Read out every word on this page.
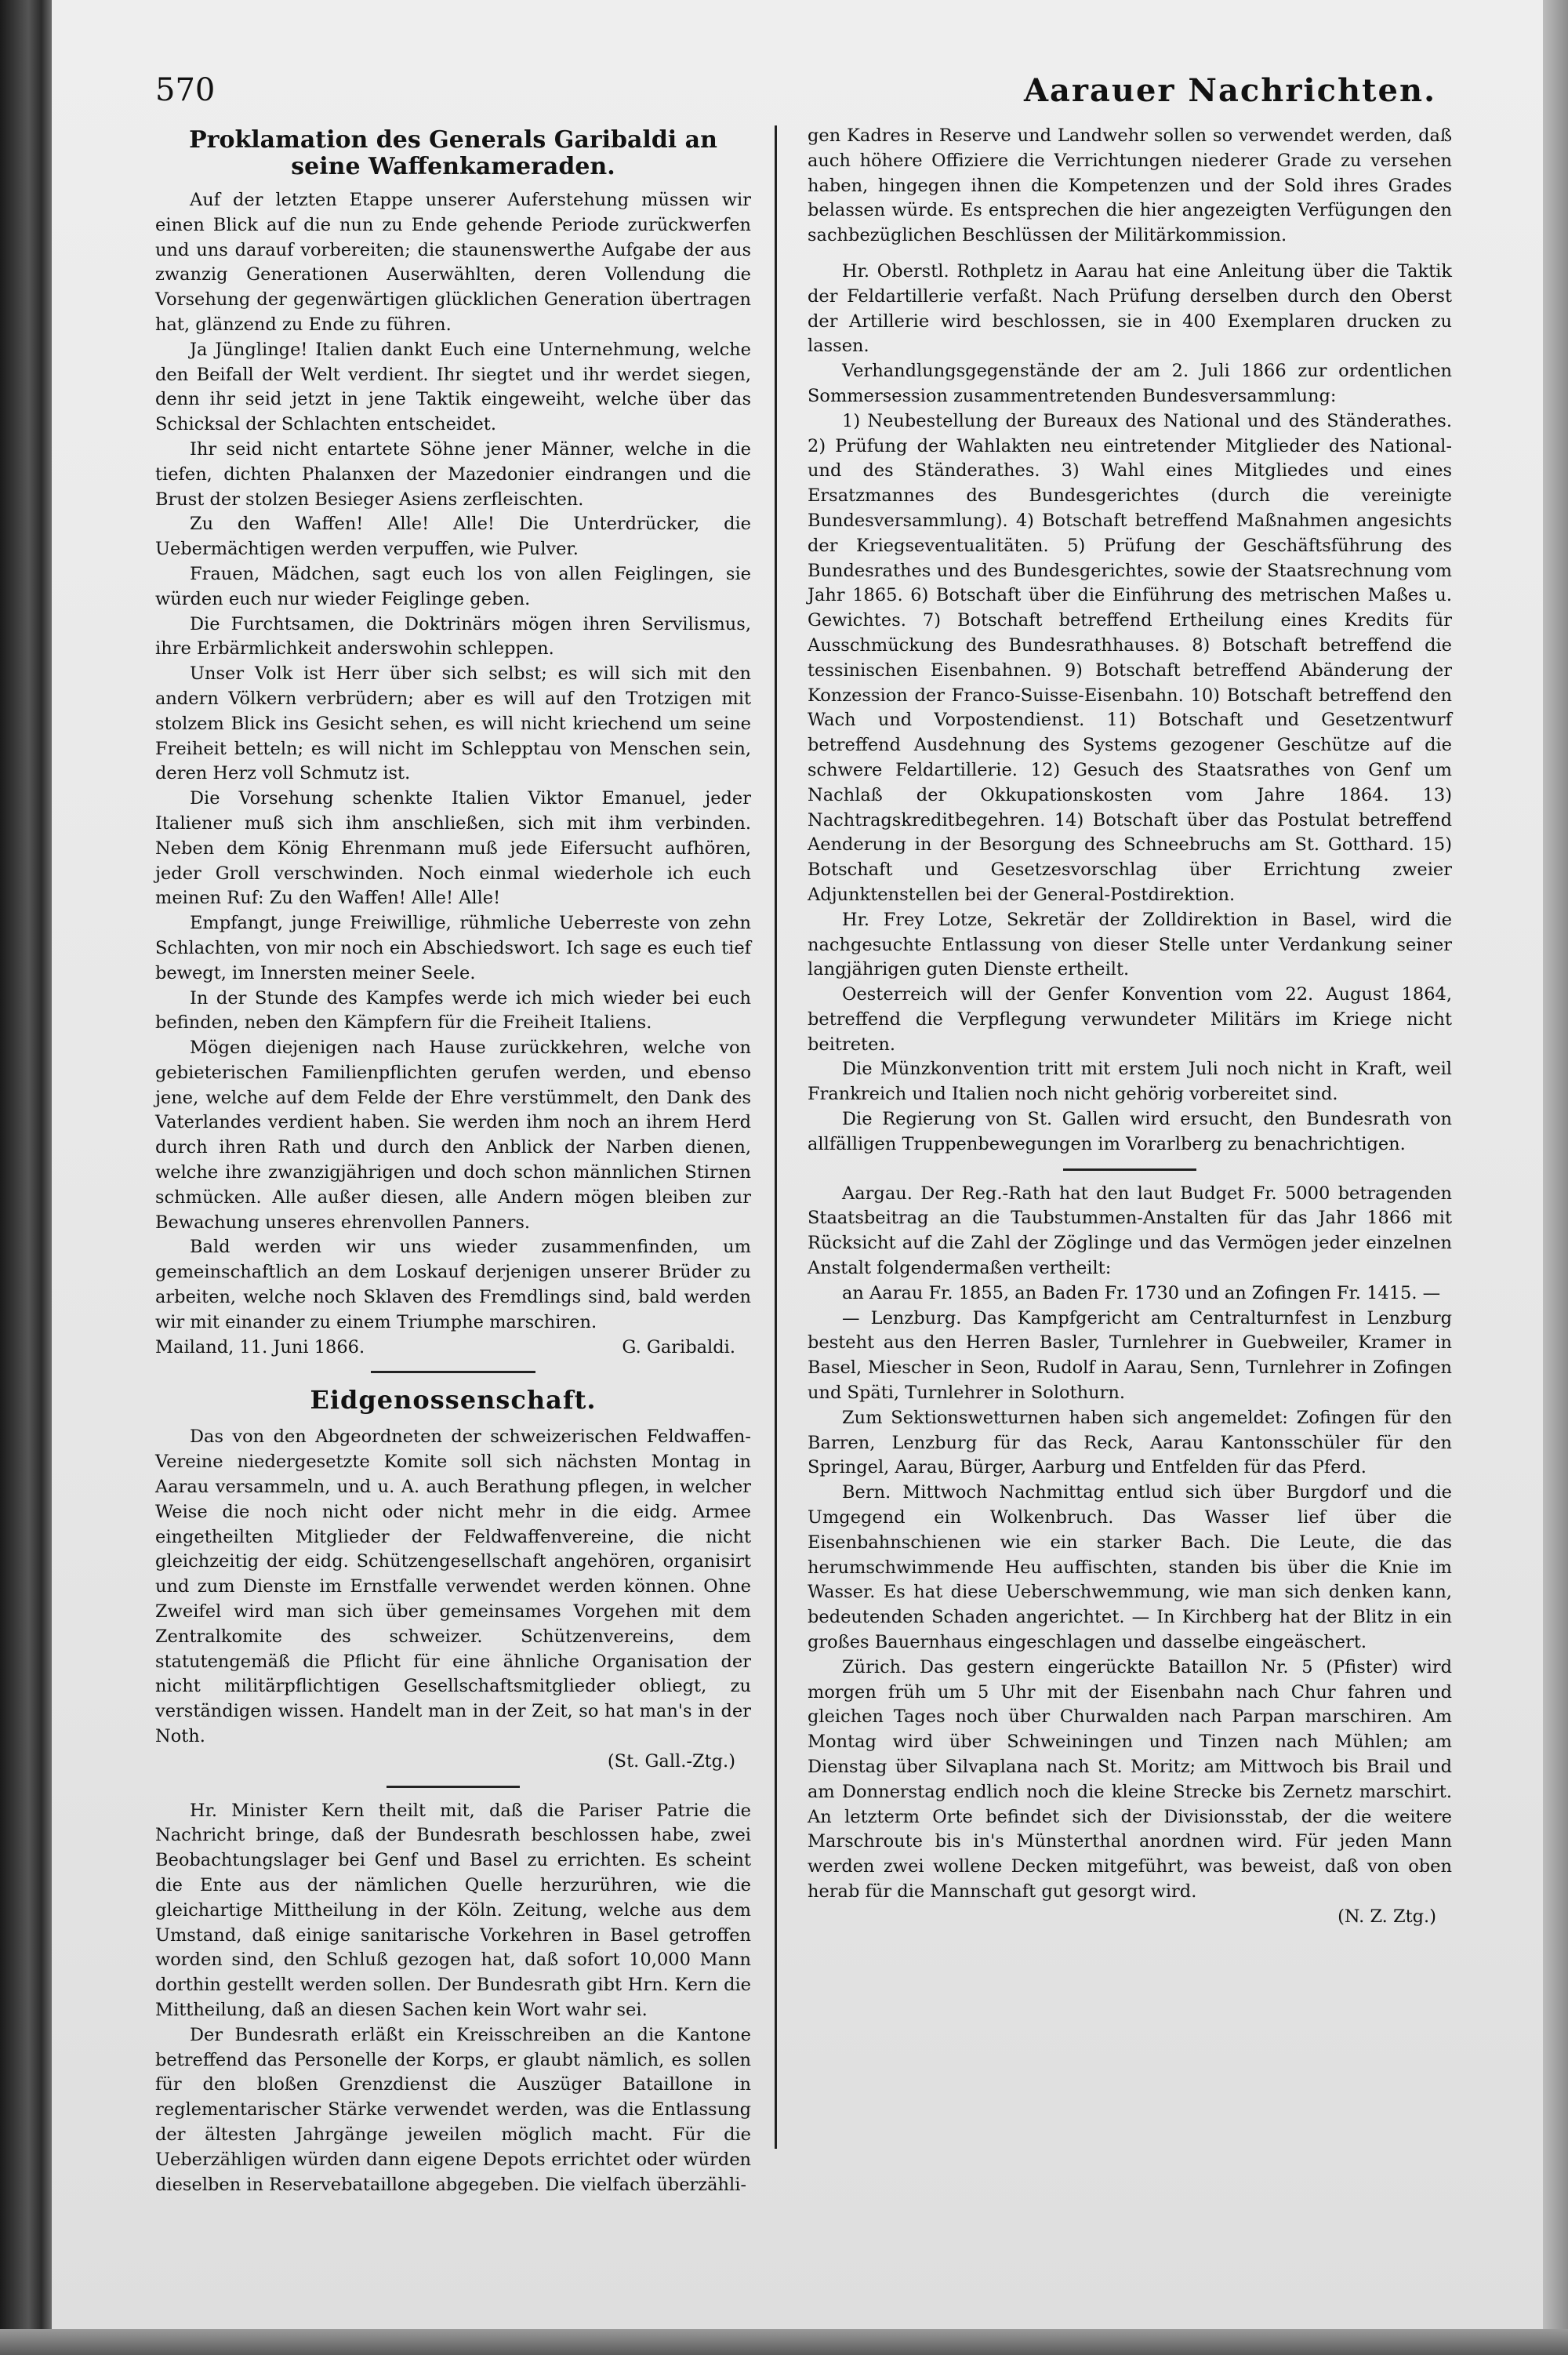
570	Aarauer Nachrichten.
Proklamation des Generals Garibaldi an seine Waffenkameraden.

Auf der letzten Etappe unserer Auferstehung müssen wir einen Blick auf die nun zu Ende gehende Periode zurückwerfen und uns darauf vorbereiten; die staunenswerthe Aufgabe der aus zwanzig Generationen Auserwählten, deren Vollendung die Vorsehung der gegenwärtigen glücklichen Generation übertragen hat, glänzend zu Ende zu führen.

Ja Jünglinge! Italien dankt Euch eine Unternehmung, welche den Beifall der Welt verdient. Ihr siegtet und ihr werdet siegen, denn ihr seid jetzt in jene Taktik eingeweiht, welche über das Schicksal der Schlachten entscheidet.

Ihr seid nicht entartete Söhne jener Männer, welche in die tiefen, dichten Phalanxen der Mazedonier eindrangen und die Brust der stolzen Besieger Asiens zerfleischten.

Zu den Waffen! Alle! Alle! Die Unterdrücker, die Uebermächtigen werden verpuffen, wie Pulver.

Frauen, Mädchen, sagt euch los von allen Feiglingen, sie würden euch nur wieder Feiglinge geben.

Die Furchtsamen, die Doktrinärs mögen ihren Servilismus, ihre Erbärmlichkeit anderswohin schleppen.

Unser Volk ist Herr über sich selbst; es will sich mit den andern Völkern verbrüdern; aber es will auf den Trotzigen mit stolzem Blick ins Gesicht sehen, es will nicht kriechend um seine Freiheit betteln; es will nicht im Schlepptau von Menschen sein, deren Herz voll Schmutz ist.

Die Vorsehung schenkte Italien Viktor Emanuel, jeder Italiener muß sich ihm anschließen, sich mit ihm verbinden. Neben dem König Ehrenmann muß jede Eifersucht aufhören, jeder Groll verschwinden. Noch einmal wiederhole ich euch meinen Ruf: Zu den Waffen! Alle! Alle!

Empfangt, junge Freiwillige, rühmliche Ueberreste von zehn Schlachten, von mir noch ein Abschiedswort. Ich sage es euch tief bewegt, im Innersten meiner Seele.

In der Stunde des Kampfes werde ich mich wieder bei euch befinden, neben den Kämpfern für die Freiheit Italiens.

Mögen diejenigen nach Hause zurückkehren, welche von gebieterischen Familienpflichten gerufen werden, und ebenso jene, welche auf dem Felde der Ehre verstümmelt, den Dank des Vaterlandes verdient haben. Sie werden ihm noch an ihrem Herd durch ihren Rath und durch den Anblick der Narben dienen, welche ihre zwanzigjährigen und doch schon männlichen Stirnen schmücken. Alle außer diesen, alle Andern mögen bleiben zur Bewachung unseres ehrenvollen Panners.

Bald werden wir uns wieder zusammenfinden, um gemeinschaftlich an dem Loskauf derjenigen unserer Brüder zu arbeiten, welche noch Sklaven des Fremdlings sind, bald werden wir mit einander zu einem Triumphe marschiren.

Mailand, 11. Juni 1866.	G. Garibaldi.
Eidgenossenschaft.

Das von den Abgeordneten der schweizerischen Feldwaffen-Vereine niedergesetzte Komite soll sich nächsten Montag in Aarau versammeln, und u. A. auch Berathung pflegen, in welcher Weise die noch nicht oder nicht mehr in die eidg. Armee eingetheilten Mitglieder der Feldwaffenvereine, die nicht gleichzeitig der eidg. Schützengesellschaft angehören, organisirt und zum Dienste im Ernstfalle verwendet werden können. Ohne Zweifel wird man sich über gemeinsames Vorgehen mit dem Zentralkomite des schweizer. Schützenvereins, dem statutengemäß die Pflicht für eine ähnliche Organisation der nicht militärpflichtigen Gesellschaftsmitglieder obliegt, zu verständigen wissen. Handelt man in der Zeit, so hat man's in der Noth.

(St. Gall.-Ztg.)

Hr. Minister Kern theilt mit, daß die Pariser Patrie die Nachricht bringe, daß der Bundesrath beschlossen habe, zwei Beobachtungslager bei Genf und Basel zu errichten. Es scheint die Ente aus der nämlichen Quelle herzurühren, wie die gleichartige Mittheilung in der Köln. Zeitung, welche aus dem Umstand, daß einige sanitarische Vorkehren in Basel getroffen worden sind, den Schluß gezogen hat, daß sofort 10,000 Mann dorthin gestellt werden sollen. Der Bundesrath gibt Hrn. Kern die Mittheilung, daß an diesen Sachen kein Wort wahr sei.

Der Bundesrath erläßt ein Kreisschreiben an die Kantone betreffend das Personelle der Korps, er glaubt nämlich, es sollen für den bloßen Grenzdienst die Auszüger Bataillone in reglementarischer Stärke verwendet werden, was die Entlassung der ältesten Jahrgänge jeweilen möglich macht. Für die Ueberzähligen würden dann eigene Depots errichtet oder würden dieselben in Reservebataillone abgegeben. Die vielfach überzähli-

gen Kadres in Reserve und Landwehr sollen so verwendet werden, daß auch höhere Offiziere die Verrichtungen niederer Grade zu versehen haben, hingegen ihnen die Kompetenzen und der Sold ihres Grades belassen würde. Es entsprechen die hier angezeigten Verfügungen den sachbezüglichen Beschlüssen der Militärkommission.

Hr. Oberstl. Rothpletz in Aarau hat eine Anleitung über die Taktik der Feldartillerie verfaßt. Nach Prüfung derselben durch den Oberst der Artillerie wird beschlossen, sie in 400 Exemplaren drucken zu lassen.

Verhandlungsgegenstände der am 2. Juli 1866 zur ordentlichen Sommersession zusammentretenden Bundesversammlung:

1) Neubestellung der Bureaux des National und des Ständerathes. 2) Prüfung der Wahlakten neu eintretender Mitglieder des National- und des Ständerathes. 3) Wahl eines Mitgliedes und eines Ersatzmannes des Bundesgerichtes (durch die vereinigte Bundesversammlung). 4) Botschaft betreffend Maßnahmen angesichts der Kriegseventualitäten. 5) Prüfung der Geschäftsführung des Bundesrathes und des Bundesgerichtes, sowie der Staatsrechnung vom Jahr 1865. 6) Botschaft über die Einführung des metrischen Maßes u. Gewichtes. 7) Botschaft betreffend Ertheilung eines Kredits für Ausschmückung des Bundesrathhauses. 8) Botschaft betreffend die tessinischen Eisenbahnen. 9) Botschaft betreffend Abänderung der Konzession der Franco-Suisse-Eisenbahn. 10) Botschaft betreffend den Wach und Vorpostendienst. 11) Botschaft und Gesetzentwurf betreffend Ausdehnung des Systems gezogener Geschütze auf die schwere Feldartillerie. 12) Gesuch des Staatsrathes von Genf um Nachlaß der Okkupationskosten vom Jahre 1864. 13) Nachtragskreditbegehren. 14) Botschaft über das Postulat betreffend Aenderung in der Besorgung des Schneebruchs am St. Gotthard. 15) Botschaft und Gesetzesvorschlag über Errichtung zweier Adjunktenstellen bei der General-Postdirektion.

Hr. Frey Lotze, Sekretär der Zolldirektion in Basel, wird die nachgesuchte Entlassung von dieser Stelle unter Verdankung seiner langjährigen guten Dienste ertheilt.

Oesterreich will der Genfer Konvention vom 22. August 1864, betreffend die Verpflegung verwundeter Militärs im Kriege nicht beitreten.

Die Münzkonvention tritt mit erstem Juli noch nicht in Kraft, weil Frankreich und Italien noch nicht gehörig vorbereitet sind.

Die Regierung von St. Gallen wird ersucht, den Bundesrath von allfälligen Truppenbewegungen im Vorarlberg zu benachrichtigen.

Aargau. Der Reg.-Rath hat den laut Budget Fr. 5000 betragenden Staatsbeitrag an die Taubstummen-Anstalten für das Jahr 1866 mit Rücksicht auf die Zahl der Zöglinge und das Vermögen jeder einzelnen Anstalt folgendermaßen vertheilt:

an Aarau Fr. 1855, an Baden Fr. 1730 und an Zofingen Fr. 1415. —

— Lenzburg. Das Kampfgericht am Centralturnfest in Lenzburg besteht aus den Herren Basler, Turnlehrer in Guebweiler, Kramer in Basel, Miescher in Seon, Rudolf in Aarau, Senn, Turnlehrer in Zofingen und Späti, Turnlehrer in Solothurn.

Zum Sektionswetturnen haben sich angemeldet: Zofingen für den Barren, Lenzburg für das Reck, Aarau Kantonsschüler für den Springel, Aarau, Bürger, Aarburg und Entfelden für das Pferd.

Bern. Mittwoch Nachmittag entlud sich über Burgdorf und die Umgegend ein Wolkenbruch. Das Wasser lief über die Eisenbahnschienen wie ein starker Bach. Die Leute, die das herumschwimmende Heu auffischten, standen bis über die Knie im Wasser. Es hat diese Ueberschwemmung, wie man sich denken kann, bedeutenden Schaden angerichtet. — In Kirchberg hat der Blitz in ein großes Bauernhaus eingeschlagen und dasselbe eingeäschert.

Zürich. Das gestern eingerückte Bataillon Nr. 5 (Pfister) wird morgen früh um 5 Uhr mit der Eisenbahn nach Chur fahren und gleichen Tages noch über Churwalden nach Parpan marschiren. Am Montag wird über Schweiningen und Tinzen nach Mühlen; am Dienstag über Silvaplana nach St. Moritz; am Mittwoch bis Brail und am Donnerstag endlich noch die kleine Strecke bis Zernetz marschirt. An letzterm Orte befindet sich der Divisionsstab, der die weitere Marschroute bis in's Münsterthal anordnen wird. Für jeden Mann werden zwei wollene Decken mitgeführt, was beweist, daß von oben herab für die Mannschaft gut gesorgt wird.

(N. Z. Ztg.)
